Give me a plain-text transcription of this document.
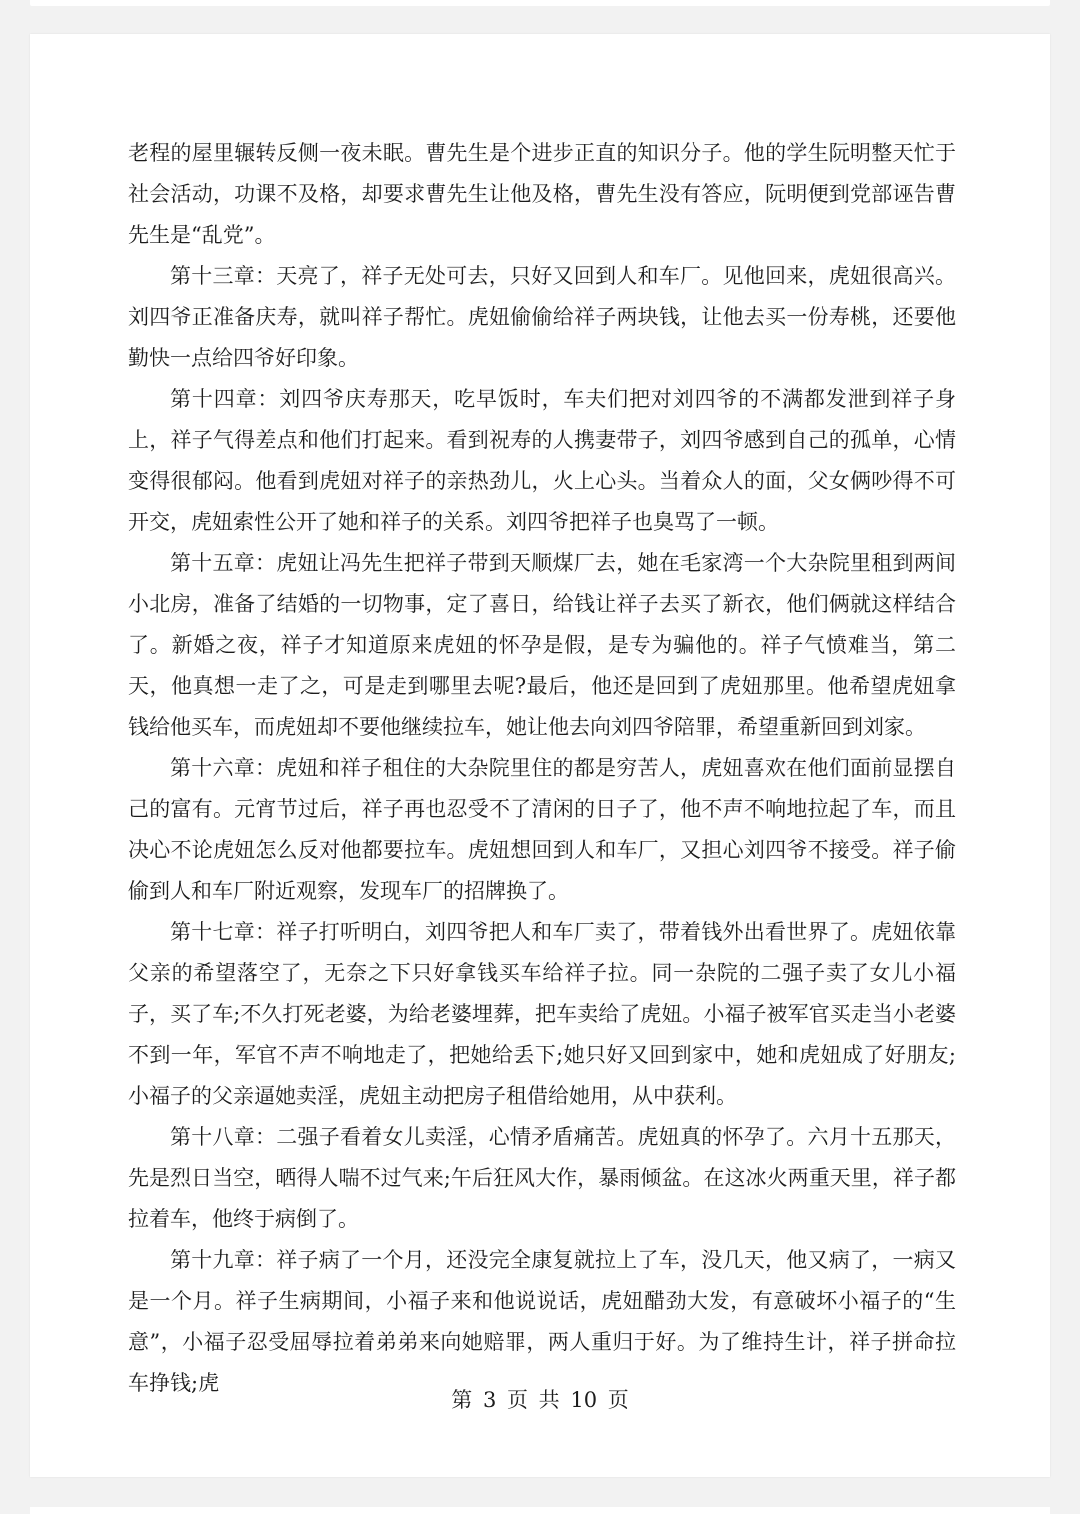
老程的屋里辗转反侧一夜未眠。曹先生是个进步正直的知识分子。他的学生阮明整天忙于社会活动，功课不及格，却要求曹先生让他及格，曹先生没有答应，阮明便到党部诬告曹先生是“乱党”。

第十三章：天亮了，祥子无处可去，只好又回到人和车厂。见他回来，虎妞很高兴。刘四爷正准备庆寿，就叫祥子帮忙。虎妞偷偷给祥子两块钱，让他去买一份寿桃，还要他勤快一点给四爷好印象。

第十四章：刘四爷庆寿那天，吃早饭时，车夫们把对刘四爷的不满都发泄到祥子身上，祥子气得差点和他们打起来。看到祝寿的人携妻带子，刘四爷感到自己的孤单，心情变得很郁闷。他看到虎妞对祥子的亲热劲儿，火上心头。当着众人的面，父女俩吵得不可开交，虎妞索性公开了她和祥子的关系。刘四爷把祥子也臭骂了一顿。

第十五章：虎妞让冯先生把祥子带到天顺煤厂去，她在毛家湾一个大杂院里租到两间小北房，准备了结婚的一切物事，定了喜日，给钱让祥子去买了新衣，他们俩就这样结合了。新婚之夜，祥子才知道原来虎妞的怀孕是假，是专为骗他的。祥子气愤难当，第二天，他真想一走了之，可是走到哪里去呢?最后，他还是回到了虎妞那里。他希望虎妞拿钱给他买车，而虎妞却不要他继续拉车，她让他去向刘四爷陪罪，希望重新回到刘家。

第十六章：虎妞和祥子租住的大杂院里住的都是穷苦人，虎妞喜欢在他们面前显摆自己的富有。元宵节过后，祥子再也忍受不了清闲的日子了，他不声不响地拉起了车，而且决心不论虎妞怎么反对他都要拉车。虎妞想回到人和车厂，又担心刘四爷不接受。祥子偷偷到人和车厂附近观察，发现车厂的招牌换了。

第十七章：祥子打听明白，刘四爷把人和车厂卖了，带着钱外出看世界了。虎妞依靠父亲的希望落空了，无奈之下只好拿钱买车给祥子拉。同一杂院的二强子卖了女儿小福子，买了车;不久打死老婆，为给老婆埋葬，把车卖给了虎妞。小福子被军官买走当小老婆不到一年，军官不声不响地走了，把她给丢下;她只好又回到家中，她和虎妞成了好朋友;小福子的父亲逼她卖淫，虎妞主动把房子租借给她用，从中获利。

第十八章：二强子看着女儿卖淫，心情矛盾痛苦。虎妞真的怀孕了。六月十五那天，先是烈日当空，晒得人喘不过气来;午后狂风大作，暴雨倾盆。在这冰火两重天里，祥子都拉着车，他终于病倒了。

第十九章：祥子病了一个月，还没完全康复就拉上了车，没几天，他又病了，一病又是一个月。祥子生病期间，小福子来和他说说话，虎妞醋劲大发，有意破坏小福子的“生意”，小福子忍受屈辱拉着弟弟来向她赔罪，两人重归于好。为了维持生计，祥子拼命拉车挣钱;虎

第 3 页 共 10 页
